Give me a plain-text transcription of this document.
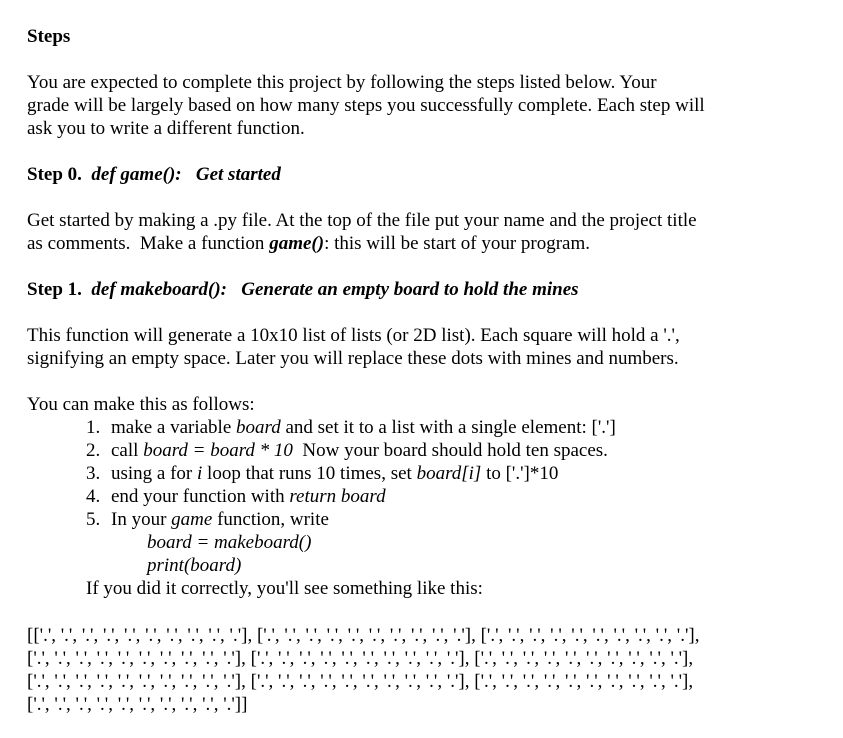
Steps
You are expected to complete this project by following the steps listed below. Your
grade will be largely based on how many steps you successfully complete. Each step will
ask you to write a different function.
Step 0.  def game():   Get started
Get started by making a .py file. At the top of the file put your name and the project title
as comments.  Make a function game(): this will be start of your program.
Step 1.  def makeboard():   Generate an empty board to hold the mines
This function will generate a 10x10 list of lists (or 2D list). Each square will hold a '.',
signifying an empty space. Later you will replace these dots with mines and numbers.
You can make this as follows:
1. make a variable board and set it to a list with a single element: ['.']
2. call board = board * 10  Now your board should hold ten spaces.
3. using a for i loop that runs 10 times, set board[i] to ['.']*10
4. end your function with return board
5. In your game function, write
board = makeboard()
print(board)
If you did it correctly, you'll see something like this:
[['.', '.', '.', '.', '.', '.', '.', '.', '.', '.'], ['.', '.', '.', '.', '.', '.', '.', '.', '.', '.'], ['.', '.', '.', '.', '.', '.', '.', '.', '.', '.'],
['.', '.', '.', '.', '.', '.', '.', '.', '.', '.'], ['.', '.', '.', '.', '.', '.', '.', '.', '.', '.'], ['.', '.', '.', '.', '.', '.', '.', '.', '.', '.'],
['.', '.', '.', '.', '.', '.', '.', '.', '.', '.'], ['.', '.', '.', '.', '.', '.', '.', '.', '.', '.'], ['.', '.', '.', '.', '.', '.', '.', '.', '.', '.'],
['.', '.', '.', '.', '.', '.', '.', '.', '.', '.']]
